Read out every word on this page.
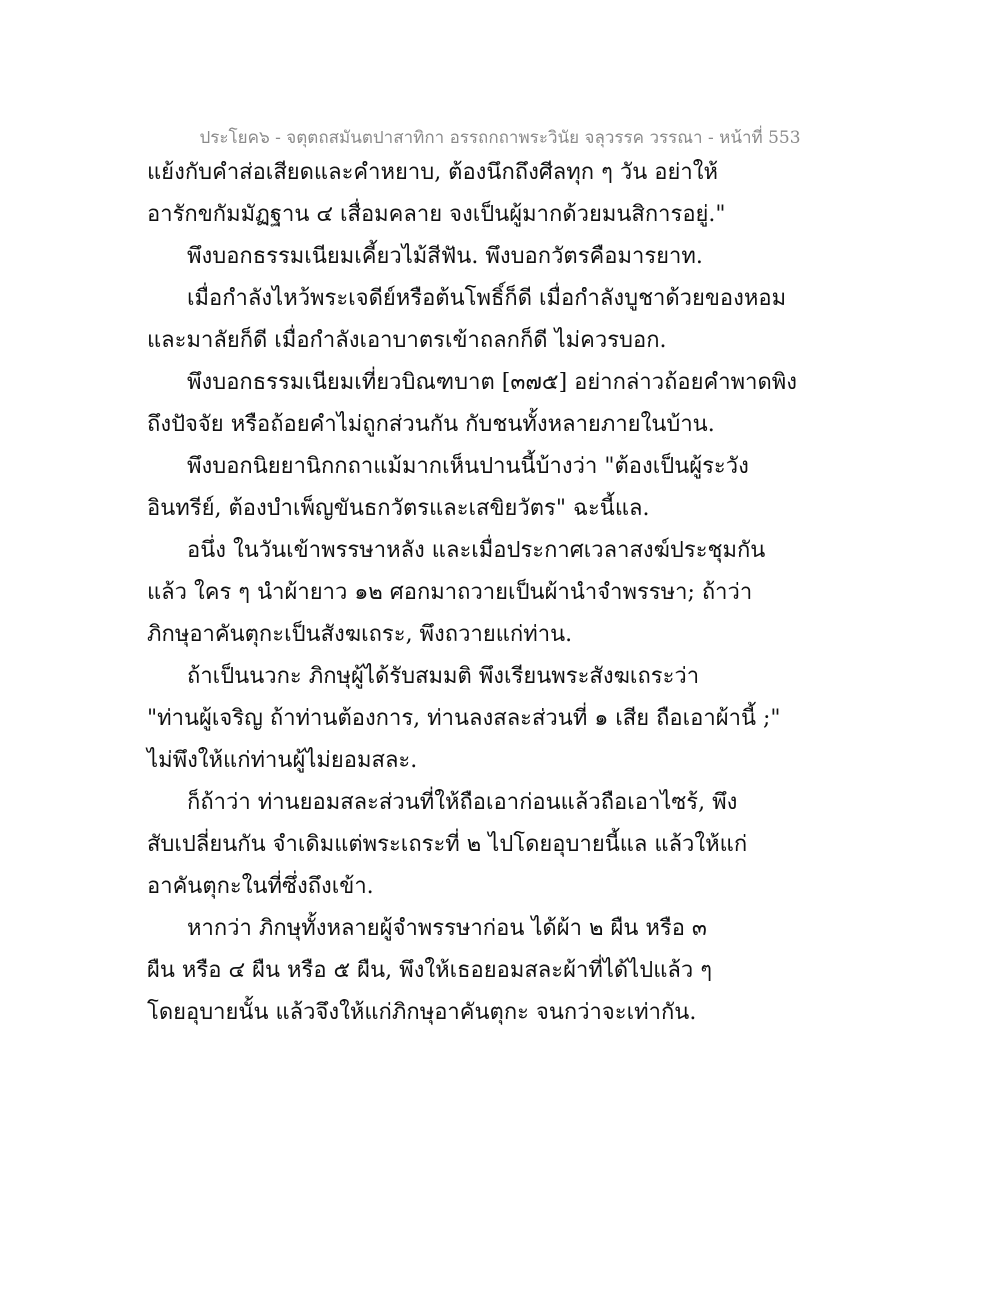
ประโยค๖ - จตุตถสมันตปาสาทิกา อรรถกถาพระวินัย จลุวรรค วรรณา - หน้าที่ 553
แย้งกับคำส่อเสียดและคำหยาบ, ต้องนึกถึงศีลทุก ๆ วัน อย่าให้
อารักขกัมมัฏฐาน ๔ เสื่อมคลาย จงเป็นผู้มากด้วยมนสิการอยู่."
พึงบอกธรรมเนียมเคี้ยวไม้สีฟัน. พึงบอกวัตรคือมารยาท.
เมื่อกำลังไหว้พระเจดีย์หรือต้นโพธิ์ก็ดี เมื่อกำลังบูชาด้วยของหอม
และมาลัยก็ดี เมื่อกำลังเอาบาตรเข้าถลกก็ดี ไม่ควรบอก.
พึงบอกธรรมเนียมเที่ยวบิณฑบาต [๓๗๕] อย่ากล่าวถ้อยคำพาดพิง
ถึงปัจจัย หรือถ้อยคำไม่ถูกส่วนกัน กับชนทั้งหลายภายในบ้าน.
พึงบอกนิยยานิกกถาแม้มากเห็นปานนี้บ้างว่า "ต้องเป็นผู้ระวัง
อินทรีย์, ต้องบำเพ็ญขันธกวัตรและเสขิยวัตร" ฉะนี้แล.
อนึ่ง ในวันเข้าพรรษาหลัง และเมื่อประกาศเวลาสงฆ์ประชุมกัน
แล้ว ใคร ๆ นำผ้ายาว ๑๒ ศอกมาถวายเป็นผ้านำจำพรรษา; ถ้าว่า
ภิกษุอาคันตุกะเป็นสังฆเถระ, พึงถวายแก่ท่าน.
ถ้าเป็นนวกะ ภิกษุผู้ได้รับสมมติ พึงเรียนพระสังฆเถระว่า
"ท่านผู้เจริญ ถ้าท่านต้องการ, ท่านลงสละส่วนที่ ๑ เสีย ถือเอาผ้านี้ ;"
ไม่พึงให้แก่ท่านผู้ไม่ยอมสละ.
ก็ถ้าว่า ท่านยอมสละส่วนที่ให้ถือเอาก่อนแล้วถือเอาไซร้, พึง
สับเปลี่ยนกัน จำเดิมแต่พระเถระที่ ๒ ไปโดยอุบายนี้แล แล้วให้แก่
อาคันตุกะในที่ซึ่งถึงเข้า.
หากว่า ภิกษุทั้งหลายผู้จำพรรษาก่อน ได้ผ้า ๒ ผืน หรือ ๓
ผืน หรือ ๔ ผืน หรือ ๕ ผืน, พึงให้เธอยอมสละผ้าที่ได้ไปแล้ว ๆ
โดยอุบายนั้น แล้วจึงให้แก่ภิกษุอาคันตุกะ จนกว่าจะเท่ากัน.
